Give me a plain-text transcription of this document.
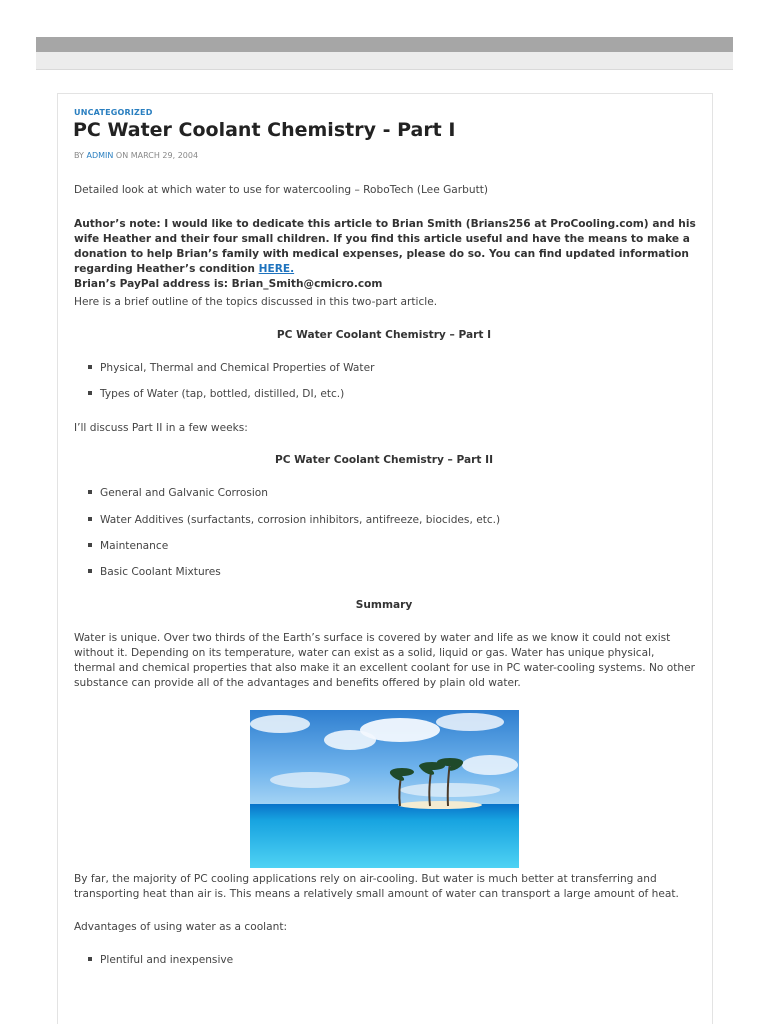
UNCATEGORIZED
PC Water Coolant Chemistry - Part I
BY ADMIN ON MARCH 29, 2004

Detailed look at which water to use for watercooling – RoboTech (Lee Garbutt)

Author’s note: I would like to dedicate this article to Brian Smith (Brians256 at ProCooling.com) and his wife Heather and their four small children. If you find this article useful and have the means to make a donation to help Brian’s family with medical expenses, please do so. You can find updated information regarding Heather’s condition HERE.
Brian’s PayPal address is: Brian_Smith@cmicro.com

Here is a brief outline of the topics discussed in this two-part article.

PC Water Coolant Chemistry – Part I
Physical, Thermal and Chemical Properties of Water
Types of Water (tap, bottled, distilled, DI, etc.)

I’ll discuss Part II in a few weeks:

PC Water Coolant Chemistry – Part II
General and Galvanic Corrosion
Water Additives (surfactants, corrosion inhibitors, antifreeze, biocides, etc.)
Maintenance
Basic Coolant Mixtures
Summary

Water is unique. Over two thirds of the Earth’s surface is covered by water and life as we know it could not exist without it. Depending on its temperature, water can exist as a solid, liquid or gas. Water has unique physical, thermal and chemical properties that also make it an excellent coolant for use in PC water-cooling systems. No other substance can provide all of the advantages and benefits offered by plain old water.

By far, the majority of PC cooling applications rely on air-cooling. But water is much better at transferring and transporting heat than air is. This means a relatively small amount of water can transport a large amount of heat.

Advantages of using water as a coolant:

Plentiful and inexpensive
